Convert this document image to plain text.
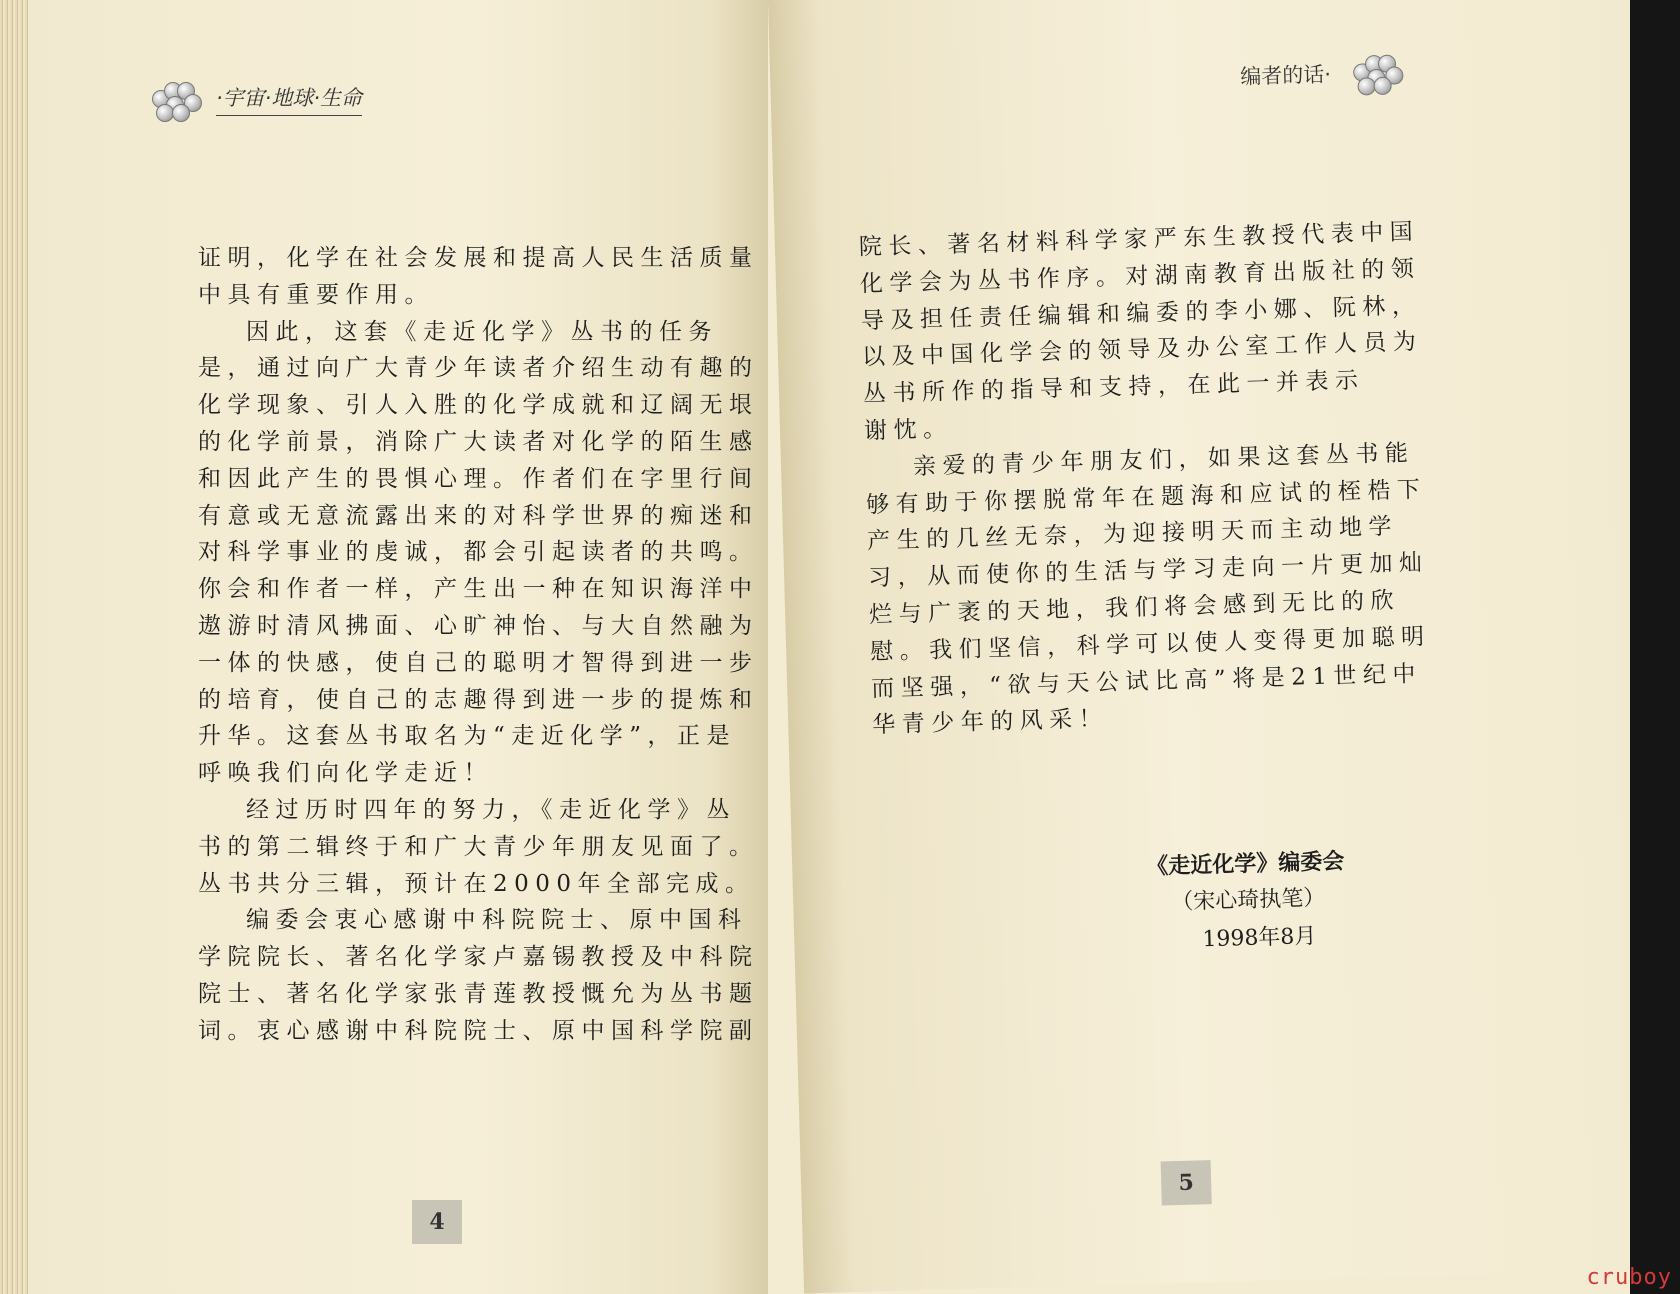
·宇宙·地球·生命

证明，化学在社会发展和提高人民生活质量

中具有重要作用。

因此，这套《走近化学》丛书的任务

是，通过向广大青少年读者介绍生动有趣的

化学现象、引人入胜的化学成就和辽阔无垠

的化学前景，消除广大读者对化学的陌生感

和因此产生的畏惧心理。作者们在字里行间

有意或无意流露出来的对科学世界的痴迷和

对科学事业的虔诚，都会引起读者的共鸣。

你会和作者一样，产生出一种在知识海洋中

遨游时清风拂面、心旷神怡、与大自然融为

一体的快感，使自己的聪明才智得到进一步

的培育，使自己的志趣得到进一步的提炼和

升华。这套丛书取名为“走近化学”，正是

呼唤我们向化学走近！

经过历时四年的努力，《走近化学》丛

书的第二辑终于和广大青少年朋友见面了。

丛书共分三辑，预计在2000年全部完成。

编委会衷心感谢中科院院士、原中国科

学院院长、著名化学家卢嘉锡教授及中科院

院士、著名化学家张青莲教授慨允为丛书题

词。衷心感谢中科院院士、原中国科学院副

4
编者的话·

院长、著名材料科学家严东生教授代表中国

化学会为丛书作序。对湖南教育出版社的领

导及担任责任编辑和编委的李小娜、阮林，

以及中国化学会的领导及办公室工作人员为

丛书所作的指导和支持，在此一并表示

谢忱。

亲爱的青少年朋友们，如果这套丛书能

够有助于你摆脱常年在题海和应试的桎梏下

产生的几丝无奈，为迎接明天而主动地学

习，从而使你的生活与学习走向一片更加灿

烂与广袤的天地，我们将会感到无比的欣

慰。我们坚信，科学可以使人变得更加聪明

而坚强，“欲与天公试比高”将是21世纪中

华青少年的风采！

《走近化学》编委会
（宋心琦执笔）
1998年8月
5
cruboy
